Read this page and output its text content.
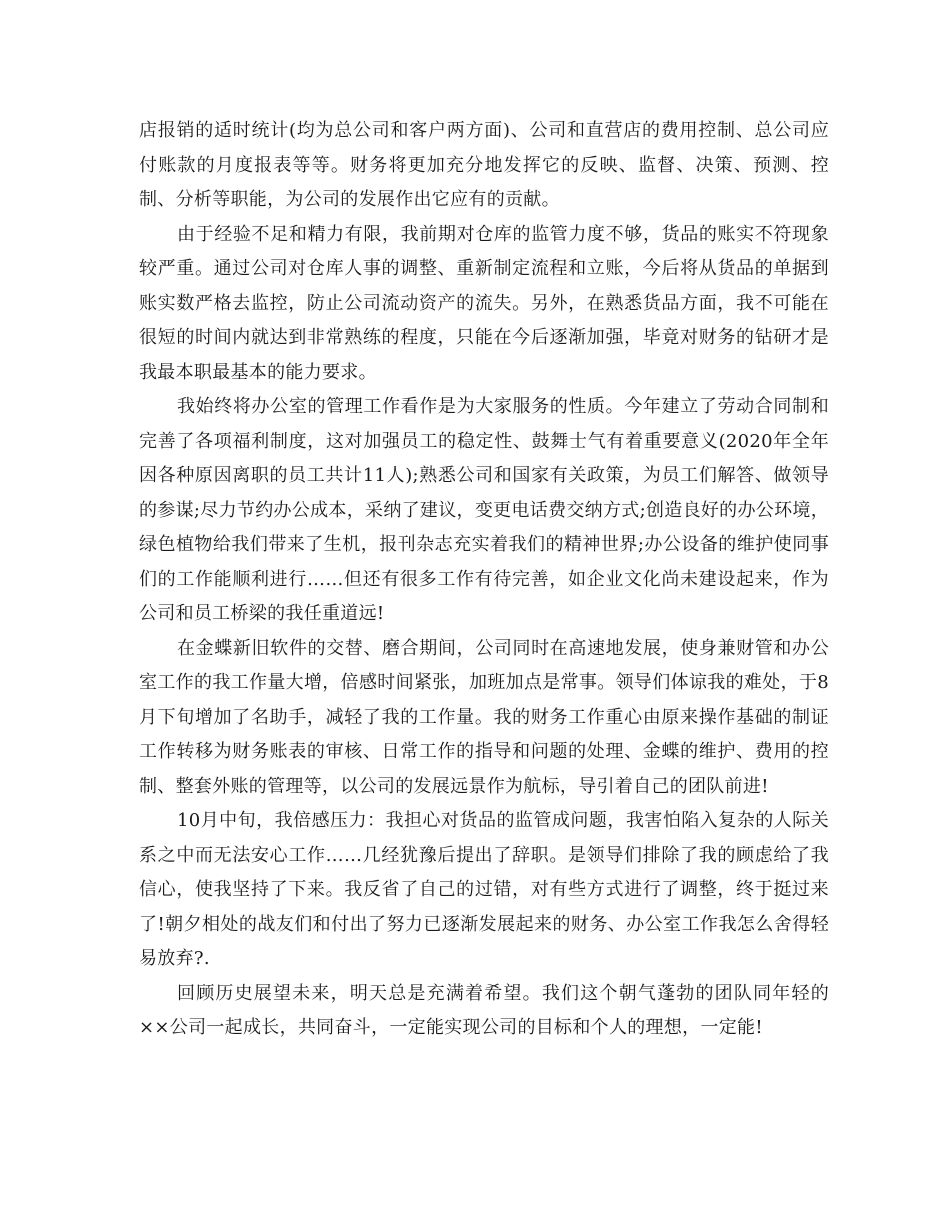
店报销的适时统计(均为总公司和客户两方面)、公司和直营店的费用控制、总公司应付账款的月度报表等等。财务将更加充分地发挥它的反映、监督、决策、预测、控制、分析等职能，为公司的发展作出它应有的贡献。

由于经验不足和精力有限，我前期对仓库的监管力度不够，货品的账实不符现象较严重。通过公司对仓库人事的调整、重新制定流程和立账，今后将从货品的单据到账实数严格去监控，防止公司流动资产的流失。另外，在熟悉货品方面，我不可能在很短的时间内就达到非常熟练的程度，只能在今后逐渐加强，毕竟对财务的钻研才是我最本职最基本的能力要求。

我始终将办公室的管理工作看作是为大家服务的性质。今年建立了劳动合同制和完善了各项福利制度，这对加强员工的稳定性、鼓舞士气有着重要意义(2020年全年因各种原因离职的员工共计11人);熟悉公司和国家有关政策，为员工们解答、做领导的参谋;尽力节约办公成本，采纳了建议，变更电话费交纳方式;创造良好的办公环境，绿色植物给我们带来了生机，报刊杂志充实着我们的精神世界;办公设备的维护使同事们的工作能顺利进行……但还有很多工作有待完善，如企业文化尚未建设起来，作为公司和员工桥梁的我任重道远!

在金蝶新旧软件的交替、磨合期间，公司同时在高速地发展，使身兼财管和办公室工作的我工作量大增，倍感时间紧张，加班加点是常事。领导们体谅我的难处，于8月下旬增加了名助手，减轻了我的工作量。我的财务工作重心由原来操作基础的制证工作转移为财务账表的审核、日常工作的指导和问题的处理、金蝶的维护、费用的控制、整套外账的管理等，以公司的发展远景作为航标，导引着自己的团队前进!

10月中旬，我倍感压力：我担心对货品的监管成问题，我害怕陷入复杂的人际关系之中而无法安心工作……几经犹豫后提出了辞职。是领导们排除了我的顾虑给了我信心，使我坚持了下来。我反省了自己的过错，对有些方式进行了调整，终于挺过来了!朝夕相处的战友们和付出了努力已逐渐发展起来的财务、办公室工作我怎么舍得轻易放弃?.

回顾历史展望未来，明天总是充满着希望。我们这个朝气蓬勃的团队同年轻的××公司一起成长，共同奋斗，一定能实现公司的目标和个人的理想，一定能!
